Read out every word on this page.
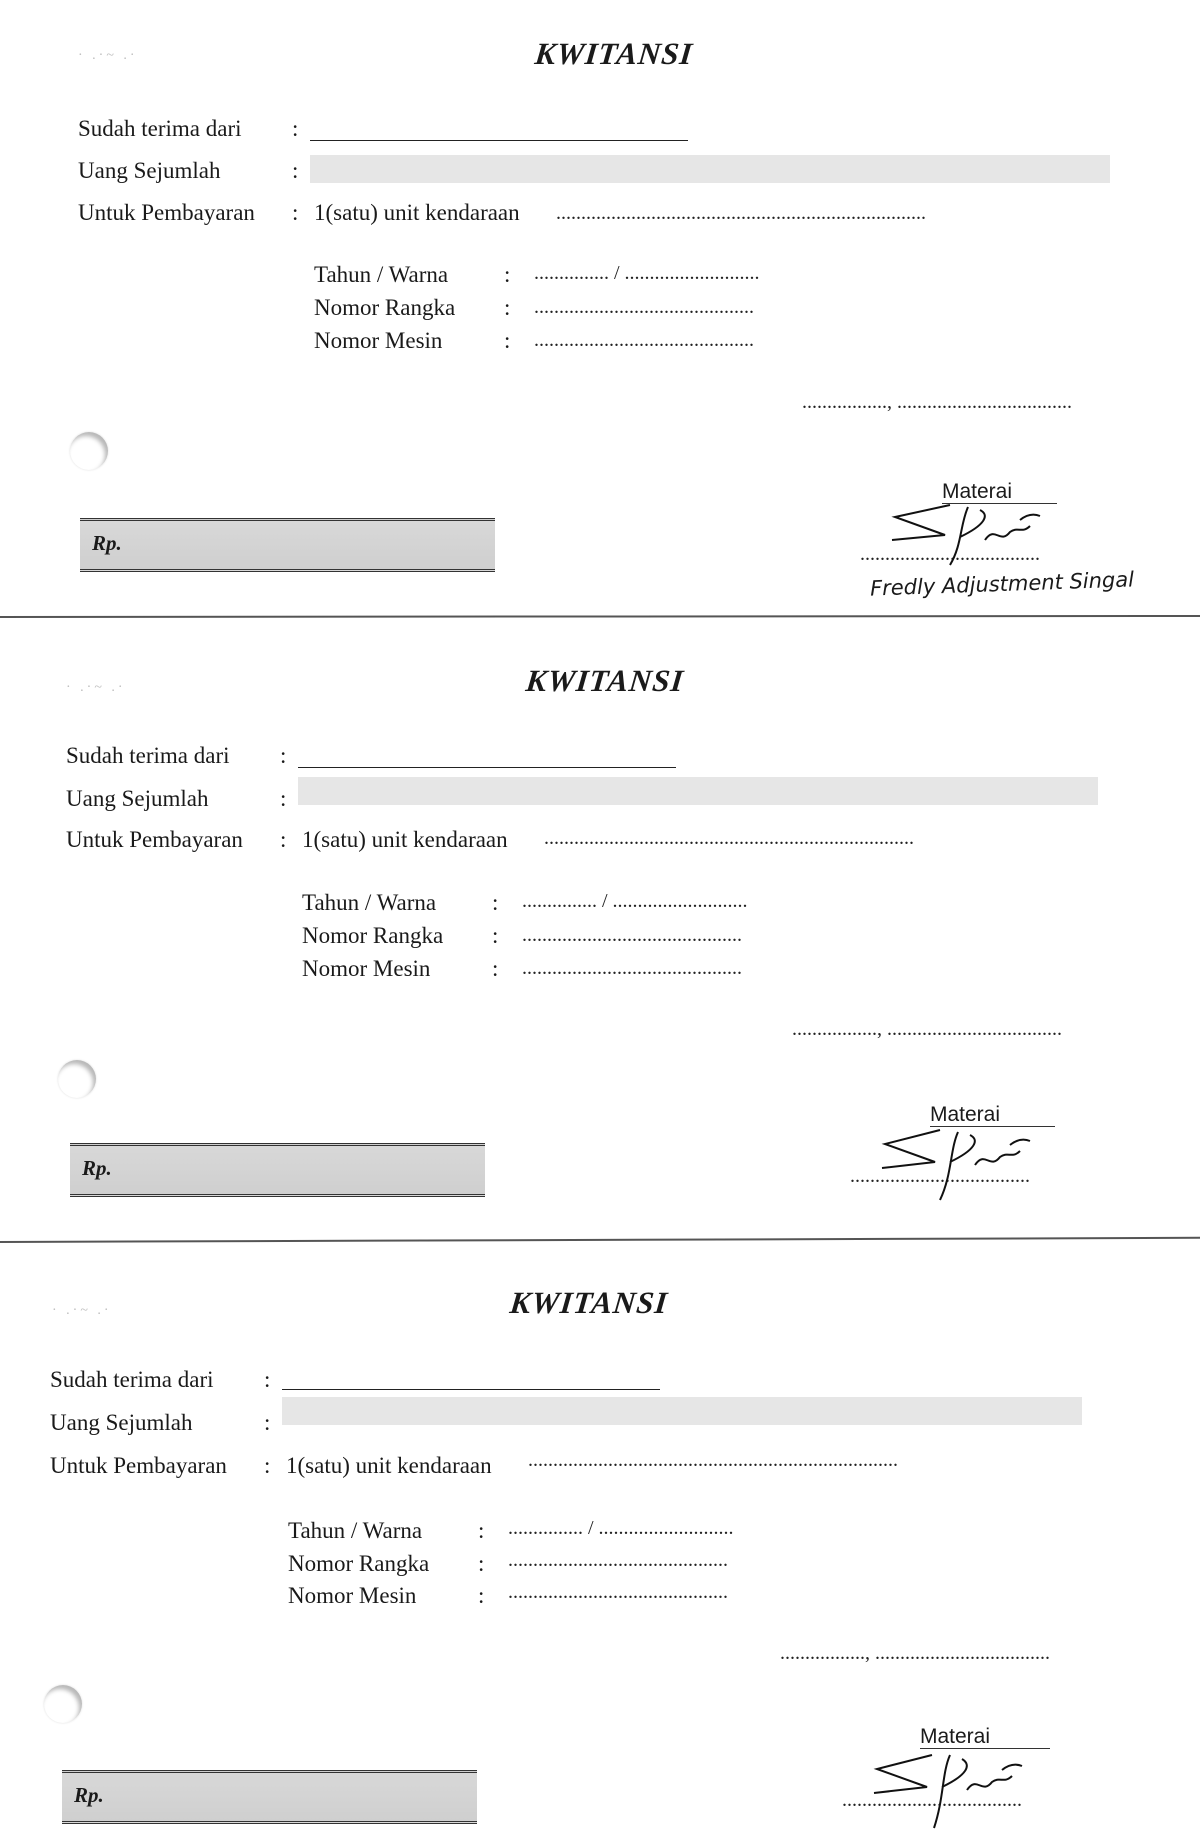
· .·~ .·	KWITANSI
Sudah terima dari :
Uang Sejumlah	:
Untuk Pembayaran : 1(satu) unit kendaraan ..........................................................................
Tahun / Warna : ............... / ...........................
Nomor Rangka : ............................................
Nomor Mesin	: ............................................
................., ...................................
Materai
....................................
Fredly Adjustment Singal
Rp.
· .·~ .·	KWITANSI
Sudah terima dari :
Uang Sejumlah	:
Untuk Pembayaran : 1(satu) unit kendaraan ..........................................................................
Tahun / Warna : ............... / ...........................
Nomor Rangka : ............................................
Nomor Mesin	: ............................................
................., ...................................
Materai
....................................
Rp.
· .·~ .·	KWITANSI
Sudah terima dari :
Uang Sejumlah	:
Untuk Pembayaran : 1(satu) unit kendaraan ..........................................................................
Tahun / Warna : ............... / ...........................
Nomor Rangka : ............................................
Nomor Mesin	: ............................................
................., ...................................
Materai
....................................
Rp.
